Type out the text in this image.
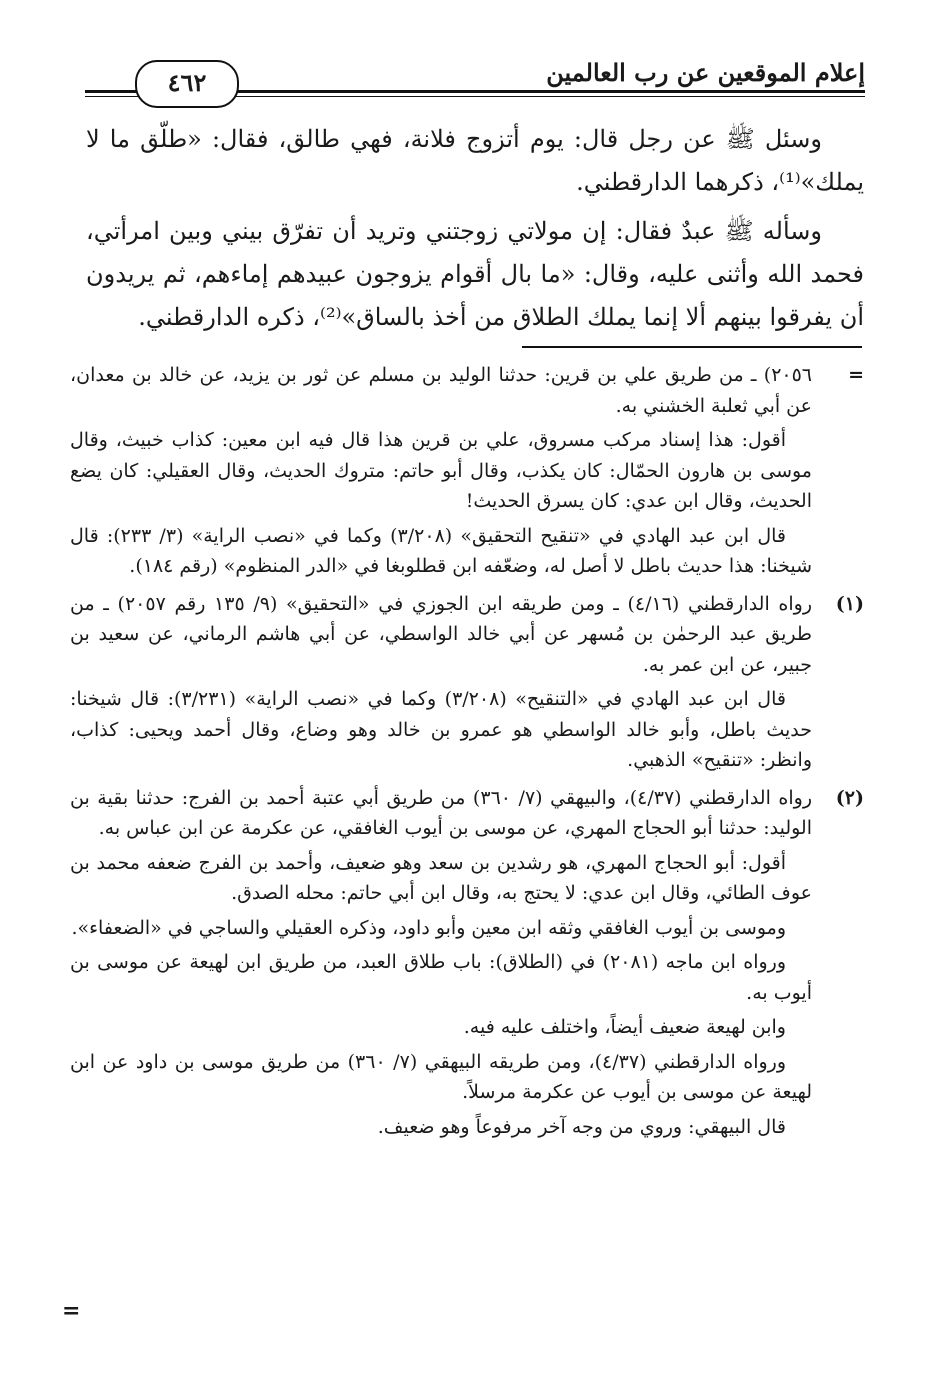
إعلام الموقعين عن رب العالمين
٤٦٢

وسئل ﷺ عن رجل قال: يوم أتزوج فلانة، فهي طالق، فقال: «طلّق ما لا يملك»⁽¹⁾، ذكرهما الدارقطني.

وسأله ﷺ عبدٌ فقال: إن مولاتي زوجتني وتريد أن تفرّق بيني وبين امرأتي، فحمد الله وأثنى عليه، وقال: «ما بال أقوام يزوجون عبيدهم إماءهم، ثم يريدون أن يفرقوا بينهم ألا إنما يملك الطلاق من أخذ بالساق»⁽²⁾، ذكره الدارقطني.

=

٢٠٥٦) ـ من طريق علي بن قرين: حدثنا الوليد بن مسلم عن ثور بن يزيد، عن خالد بن معدان، عن أبي ثعلبة الخشني به.

أقول: هذا إسناد مركب مسروق، علي بن قرين هذا قال فيه ابن معين: كذاب خبيث، وقال موسى بن هارون الحمّال: كان يكذب، وقال أبو حاتم: متروك الحديث، وقال العقيلي: كان يضع الحديث، وقال ابن عدي: كان يسرق الحديث!

قال ابن عبد الهادي في «تنقيح التحقيق» (٣/٢٠٨) وكما في «نصب الراية» (٣/ ٢٣٣): قال شيخنا: هذا حديث باطل لا أصل له، وضعّفه ابن قطلوبغا في «الدر المنظوم» (رقم ١٨٤).

(١)

رواه الدارقطني (٤/١٦) ـ ومن طريقه ابن الجوزي في «التحقيق» (٩/ ١٣٥ رقم ٢٠٥٧) ـ من طريق عبد الرحمٰن بن مُسهر عن أبي خالد الواسطي، عن أبي هاشم الرماني، عن سعيد بن جبير، عن ابن عمر به.

قال ابن عبد الهادي في «التنقيح» (٣/٢٠٨) وكما في «نصب الراية» (٣/٢٣١): قال شيخنا: حديث باطل، وأبو خالد الواسطي هو عمرو بن خالد وهو وضاع، وقال أحمد ويحيى: كذاب، وانظر: «تنقيح» الذهبي.

(٢)

رواه الدارقطني (٤/٣٧)، والبيهقي (٧/ ٣٦٠) من طريق أبي عتبة أحمد بن الفرج: حدثنا بقية بن الوليد: حدثنا أبو الحجاج المهري، عن موسى بن أيوب الغافقي، عن عكرمة عن ابن عباس به.

أقول: أبو الحجاج المهري، هو رشدين بن سعد وهو ضعيف، وأحمد بن الفرج ضعفه محمد بن عوف الطائي، وقال ابن عدي: لا يحتج به، وقال ابن أبي حاتم: محله الصدق.

وموسى بن أيوب الغافقي وثقه ابن معين وأبو داود، وذكره العقيلي والساجي في «الضعفاء».

ورواه ابن ماجه (٢٠٨١) في (الطلاق): باب طلاق العبد، من طريق ابن لهيعة عن موسى بن أيوب به.

وابن لهيعة ضعيف أيضاً، واختلف عليه فيه.

ورواه الدارقطني (٤/٣٧)، ومن طريقه البيهقي (٧/ ٣٦٠) من طريق موسى بن داود عن ابن لهيعة عن موسى بن أيوب عن عكرمة مرسلاً.

قال البيهقي: وروي من وجه آخر مرفوعاً وهو ضعيف.

=
